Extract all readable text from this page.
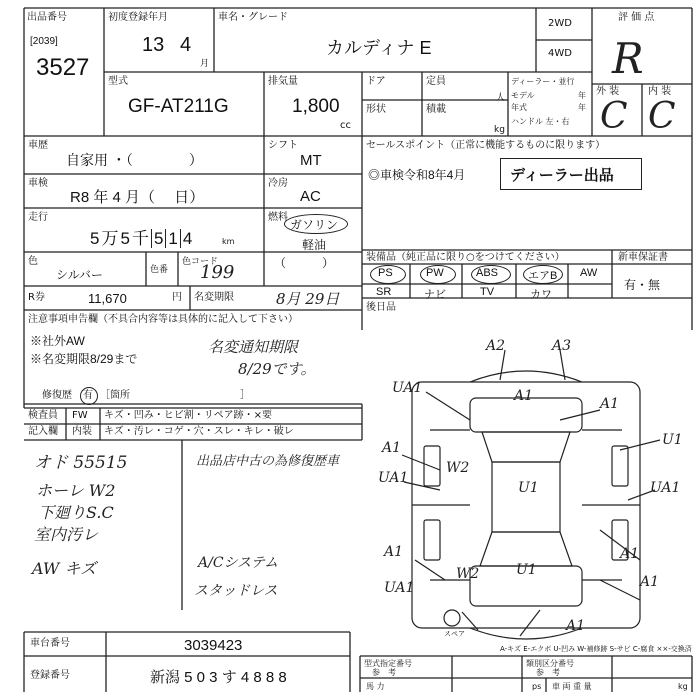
出品番号
[2039]
3527
初度登録年月
13 4
月
車名・グレード
カルディナ E
2WD
4WD
評 価 点
R
外 装	内 装
C C
型式
GF-AT211G
排気量
1,800
cc
ドア	定員
人
形状	積載
kg
ディーラー・並行
モデル	年
年式	年
ハンドル 左・右
車歴
自家用 ・（　　　　）
シフト
MT
車検
R8 年 4 月（　 日）
冷房
AC
走行
5万5千 5 1 4	km
燃料
ガソリン
軽油
（　　　）
色
シルバー	色番
色コード
199
R券	11,670	円 名変期限	8月 29日
セールスポイント（正常に機能するものに限ります）
◎車検令和8年4月	ディーラー出品
装備品（純正品に限り○をつけてください）	新車保証書
有・無
PS	PW	ABS	エアB AW
SR	ナビ	TV	カワ
後日品
注意事項申告欄（不具合内容等は具体的に記入して下さい）
※社外AW
※名変期限8/29まで
名変通知期限
8/29です。
修復歴 有 ［箇所　　　　　　　　　　　］
検査員
記入欄
FW キズ・凹み・ヒビ割・リペア跡・×要
内装 キズ・汚レ・コゲ・穴・スレ・キレ・破レ
オド 55515
ホーレ W2
下廻りS.C
室内汚レ
AW キズ
出品店中古の為修復歴車
A/Cシステム
スタッドレス
A2	A3
UA1	A1	A1
A1
W2
UA1
U1	UA1
U1
A1
A1
UA1
W2	U1
A1
A1
スペア
A-キズ E-エクボ U-凹み W-補修跡 S-サビ C-腐食 ××-交換済
車台番号	3039423
登録番号	新潟 5 0 3 す 4 8 8 8
型式指定番号
参　考
類別区分番号
参　考
馬 力	ps 車 両 重 量	kg
